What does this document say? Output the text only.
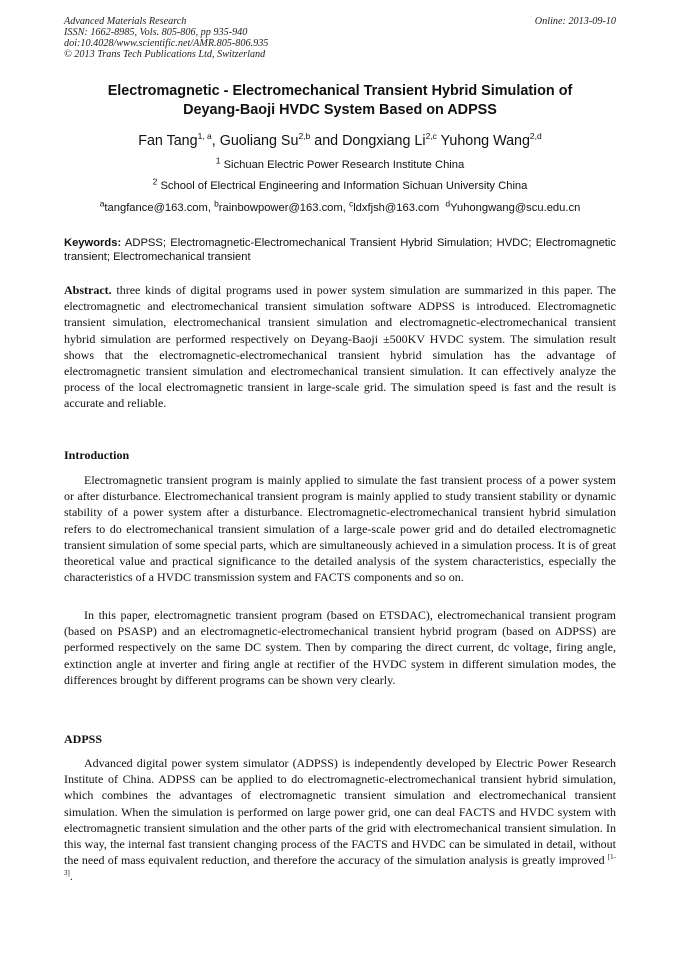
Advanced Materials Research
ISSN: 1662-8985, Vols. 805-806, pp 935-940
doi:10.4028/www.scientific.net/AMR.805-806.935
© 2013 Trans Tech Publications Ltd, Switzerland
Online: 2013-09-10
Electromagnetic - Electromechanical Transient Hybrid Simulation of
Deyang-Baoji HVDC System Based on ADPSS
Fan Tang$^{1, a}$, Guoliang Su$^{2,b}$ and Dongxiang Li$^{2,c}$ Yuhong Wang$^{2,d}$
$^1$ Sichuan Electric Power Research Institute China
$^2$ School of Electrical Engineering and Information Sichuan University China
$^a$tangfance@163.com, $^b$rainbowpower@163.com, $^c$ldxfjsh@163.com $^d$Yuhongwang@scu.edu.cn
Keywords: ADPSS; Electromagnetic-Electromechanical Transient Hybrid Simulation; HVDC; Electromagnetic transient; Electromechanical transient
Abstract. three kinds of digital programs used in power system simulation are summarized in this paper. The electromagnetic and electromechanical transient simulation software ADPSS is introduced. Electromagnetic transient simulation, electromechanical transient simulation and electromagnetic-electromechanical transient hybrid simulation are performed respectively on Deyang-Baoji ±500KV HVDC system. The simulation result shows that the electromagnetic-electromechanical transient hybrid simulation has the advantage of electromagnetic transient simulation and electromechanical transient simulation. It can effectively analyze the process of the local electromagnetic transient in large-scale grid. The simulation speed is fast and the result is accurate and reliable.
Introduction
Electromagnetic transient program is mainly applied to simulate the fast transient process of a power system or after disturbance. Electromechanical transient program is mainly applied to study transient stability or dynamic stability of a power system after a disturbance. Electromagnetic-electromechanical transient hybrid simulation refers to do electromechanical transient simulation of a large-scale power grid and do detailed electromagnetic transient simulation of some special parts, which are simultaneously achieved in a simulation process. It is of great theoretical value and practical significance to the detailed analysis of the system characteristics, especially the characteristics of a HVDC transmission system and FACTS components and so on.
In this paper, electromagnetic transient program (based on ETSDAC), electromechanical transient program (based on PSASP) and an electromagnetic-electromechanical transient hybrid program (based on ADPSS) are performed respectively on the same DC system. Then by comparing the direct current, dc voltage, firing angle, extinction angle at inverter and firing angle at rectifier of the HVDC system in different simulation modes, the differences brought by different programs can be shown very clearly.
ADPSS
Advanced digital power system simulator (ADPSS) is independently developed by Electric Power Research Institute of China. ADPSS can be applied to do electromagnetic-electromechanical transient hybrid simulation, which combines the advantages of electromagnetic transient simulation and electromechanical transient simulation. When the simulation is performed on large power grid, one can deal FACTS and HVDC system with electromagnetic transient simulation and the other parts of the grid with electromechanical transient simulation. In this way, the internal fast transient changing process of the FACTS and HVDC can be simulated in detail, without the need of mass equivalent reduction, and therefore the accuracy of the simulation analysis is greatly improved [1-3].
